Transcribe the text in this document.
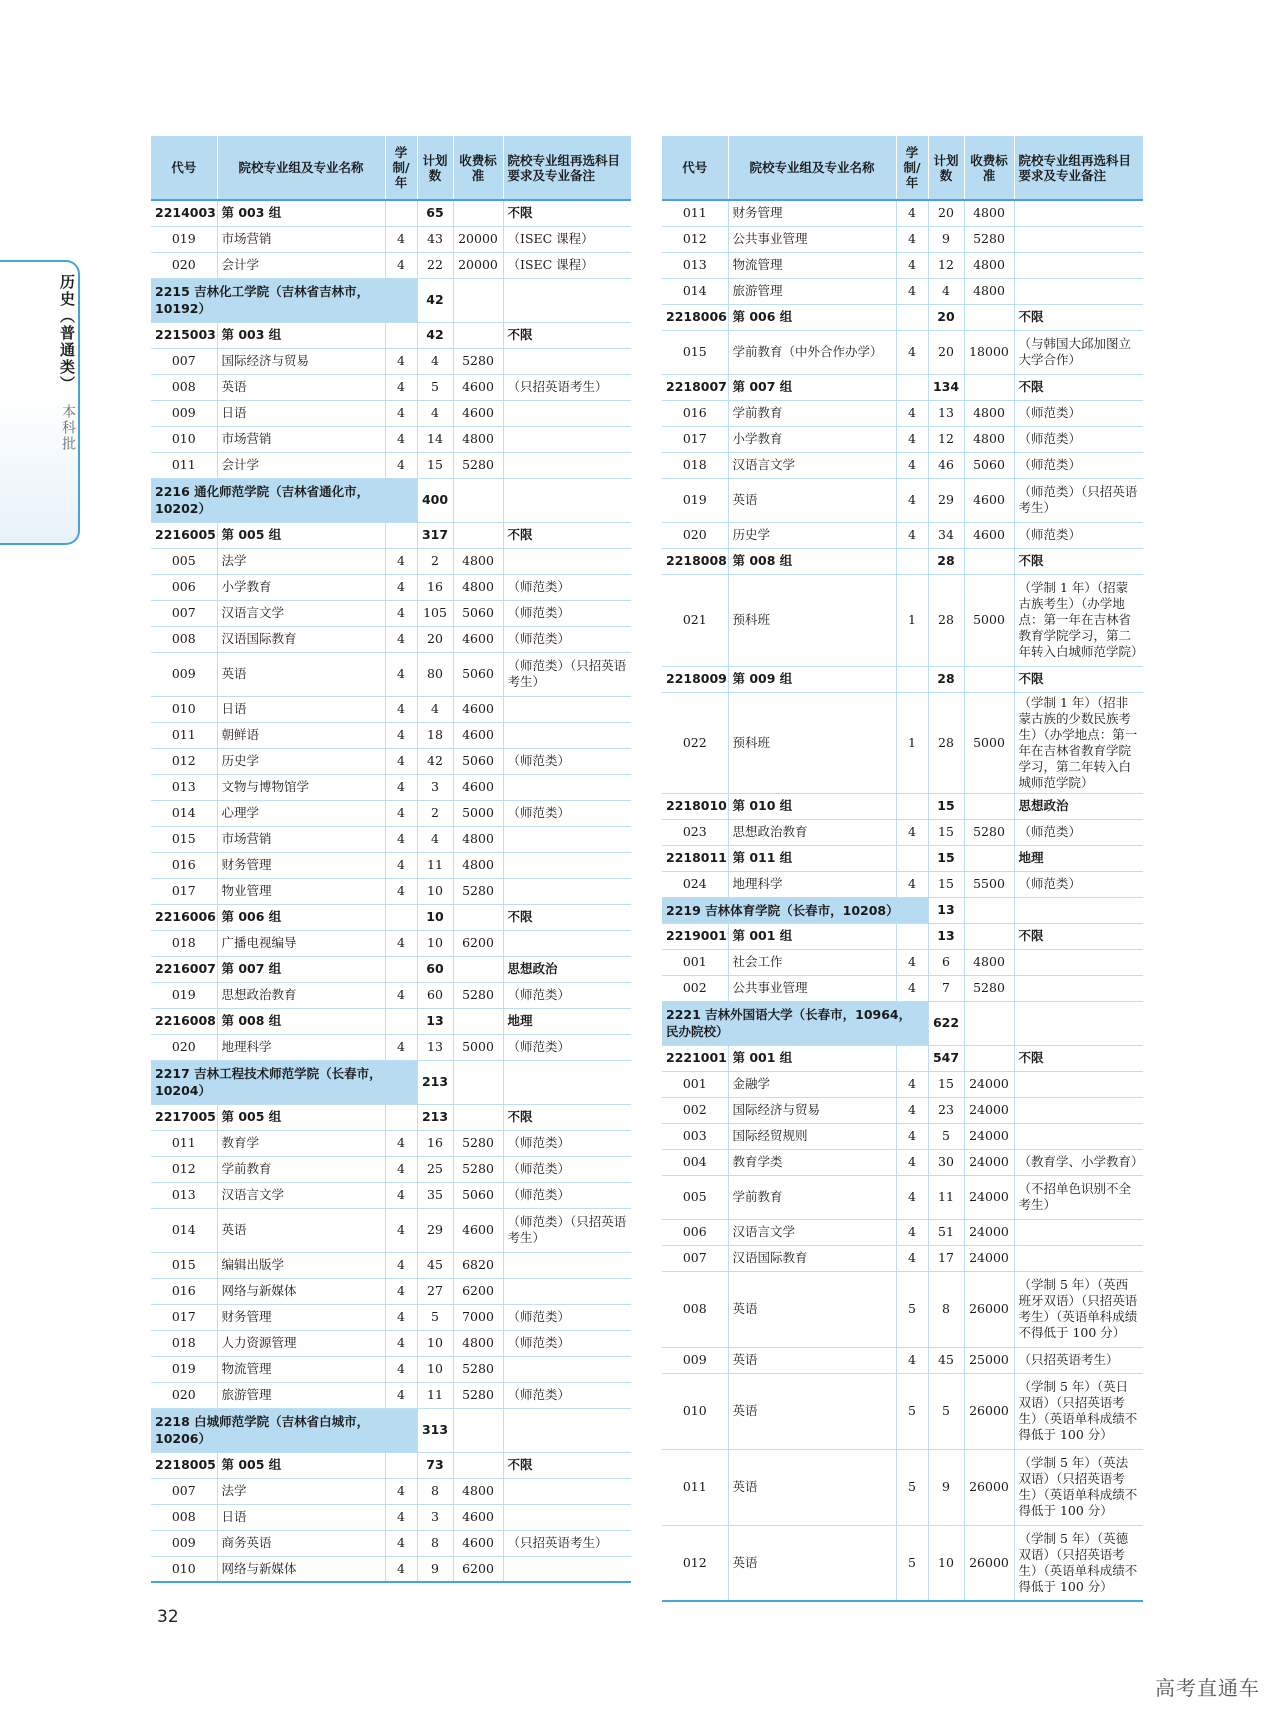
历史（普通类）
本科批
代号	院校专业组及专业名称	学制/年	计划数	收费标准	院校专业组再选科目要求及专业备注
2214003	第 003 组		65		不限
019	市场营销	4	43	20000	（ISEC 课程）
020	会计学	4	22	20000	（ISEC 课程）
2215 吉林化工学院（吉林省吉林市，10192）			42		
2215003	第 003 组		42		不限
007	国际经济与贸易	4	4	5280	
008	英语	4	5	4600	（只招英语考生）
009	日语	4	4	4600	
010	市场营销	4	14	4800	
011	会计学	4	15	5280	
2216 通化师范学院（吉林省通化市，10202）			400		
2216005	第 005 组		317		不限
005	法学	4	2	4800	
006	小学教育	4	16	4800	（师范类）
007	汉语言文学	4	105	5060	（师范类）
008	汉语国际教育	4	20	4600	（师范类）
009	英语	4	80	5060	（师范类）（只招英语考生）
010	日语	4	4	4600	
011	朝鲜语	4	18	4600	
012	历史学	4	42	5060	（师范类）
013	文物与博物馆学	4	3	4600	
014	心理学	4	2	5000	（师范类）
015	市场营销	4	4	4800	
016	财务管理	4	11	4800	
017	物业管理	4	10	5280	
2216006	第 006 组		10		不限
018	广播电视编导	4	10	6200	
2216007	第 007 组		60		思想政治
019	思想政治教育	4	60	5280	（师范类）
2216008	第 008 组		13		地理
020	地理科学	4	13	5000	（师范类）
2217 吉林工程技术师范学院（长春市，10204）			213		
2217005	第 005 组		213		不限
011	教育学	4	16	5280	（师范类）
012	学前教育	4	25	5280	（师范类）
013	汉语言文学	4	35	5060	（师范类）
014	英语	4	29	4600	（师范类）（只招英语考生）
015	编辑出版学	4	45	6820	
016	网络与新媒体	4	27	6200	
017	财务管理	4	5	7000	（师范类）
018	人力资源管理	4	10	4800	（师范类）
019	物流管理	4	10	5280	
020	旅游管理	4	11	5280	（师范类）
2218 白城师范学院（吉林省白城市，10206）			313		
2218005	第 005 组		73		不限
007	法学	4	8	4800	
008	日语	4	3	4600	
009	商务英语	4	8	4600	（只招英语考生）
010	网络与新媒体	4	9	6200	
代号	院校专业组及专业名称	学制/年	计划数	收费标准	院校专业组再选科目要求及专业备注
011	财务管理	4	20	4800	
012	公共事业管理	4	9	5280	
013	物流管理	4	12	4800	
014	旅游管理	4	4	4800	
2218006	第 006 组		20		不限
015	学前教育（中外合作办学）	4	20	18000	（与韩国大邱加图立大学合作）
2218007	第 007 组		134		不限
016	学前教育	4	13	4800	（师范类）
017	小学教育	4	12	4800	（师范类）
018	汉语言文学	4	46	5060	（师范类）
019	英语	4	29	4600	（师范类）（只招英语考生）
020	历史学	4	34	4600	（师范类）
2218008	第 008 组		28		不限
021	预科班	1	28	5000	（学制 1 年）（招蒙古族考生）（办学地点：第一年在吉林省教育学院学习，第二年转入白城师范学院）
2218009	第 009 组		28		不限
022	预科班	1	28	5000	（学制 1 年）（招非蒙古族的少数民族考生）（办学地点：第一年在吉林省教育学院学习，第二年转入白城师范学院）
2218010	第 010 组		15		思想政治
023	思想政治教育	4	15	5280	（师范类）
2218011	第 011 组		15		地理
024	地理科学	4	15	5500	（师范类）
2219 吉林体育学院（长春市，10208）			13		
2219001	第 001 组		13		不限
001	社会工作	4	6	4800	
002	公共事业管理	4	7	5280	
2221 吉林外国语大学（长春市，10964，民办院校）			622		
2221001	第 001 组		547		不限
001	金融学	4	15	24000	
002	国际经济与贸易	4	23	24000	
003	国际经贸规则	4	5	24000	
004	教育学类	4	30	24000	（教育学、小学教育）
005	学前教育	4	11	24000	（不招单色识别不全考生）
006	汉语言文学	4	51	24000	
007	汉语国际教育	4	17	24000	
008	英语	5	8	26000	（学制 5 年）（英西班牙双语）（只招英语考生）（英语单科成绩不得低于 100 分）
009	英语	4	45	25000	（只招英语考生）
010	英语	5	5	26000	（学制 5 年）（英日双语）（只招英语考生）（英语单科成绩不得低于 100 分）
011	英语	5	9	26000	（学制 5 年）（英法双语）（只招英语考生）（英语单科成绩不得低于 100 分）
012	英语	5	10	26000	（学制 5 年）（英德双语）（只招英语考生）（英语单科成绩不得低于 100 分）
32
高考直通车
